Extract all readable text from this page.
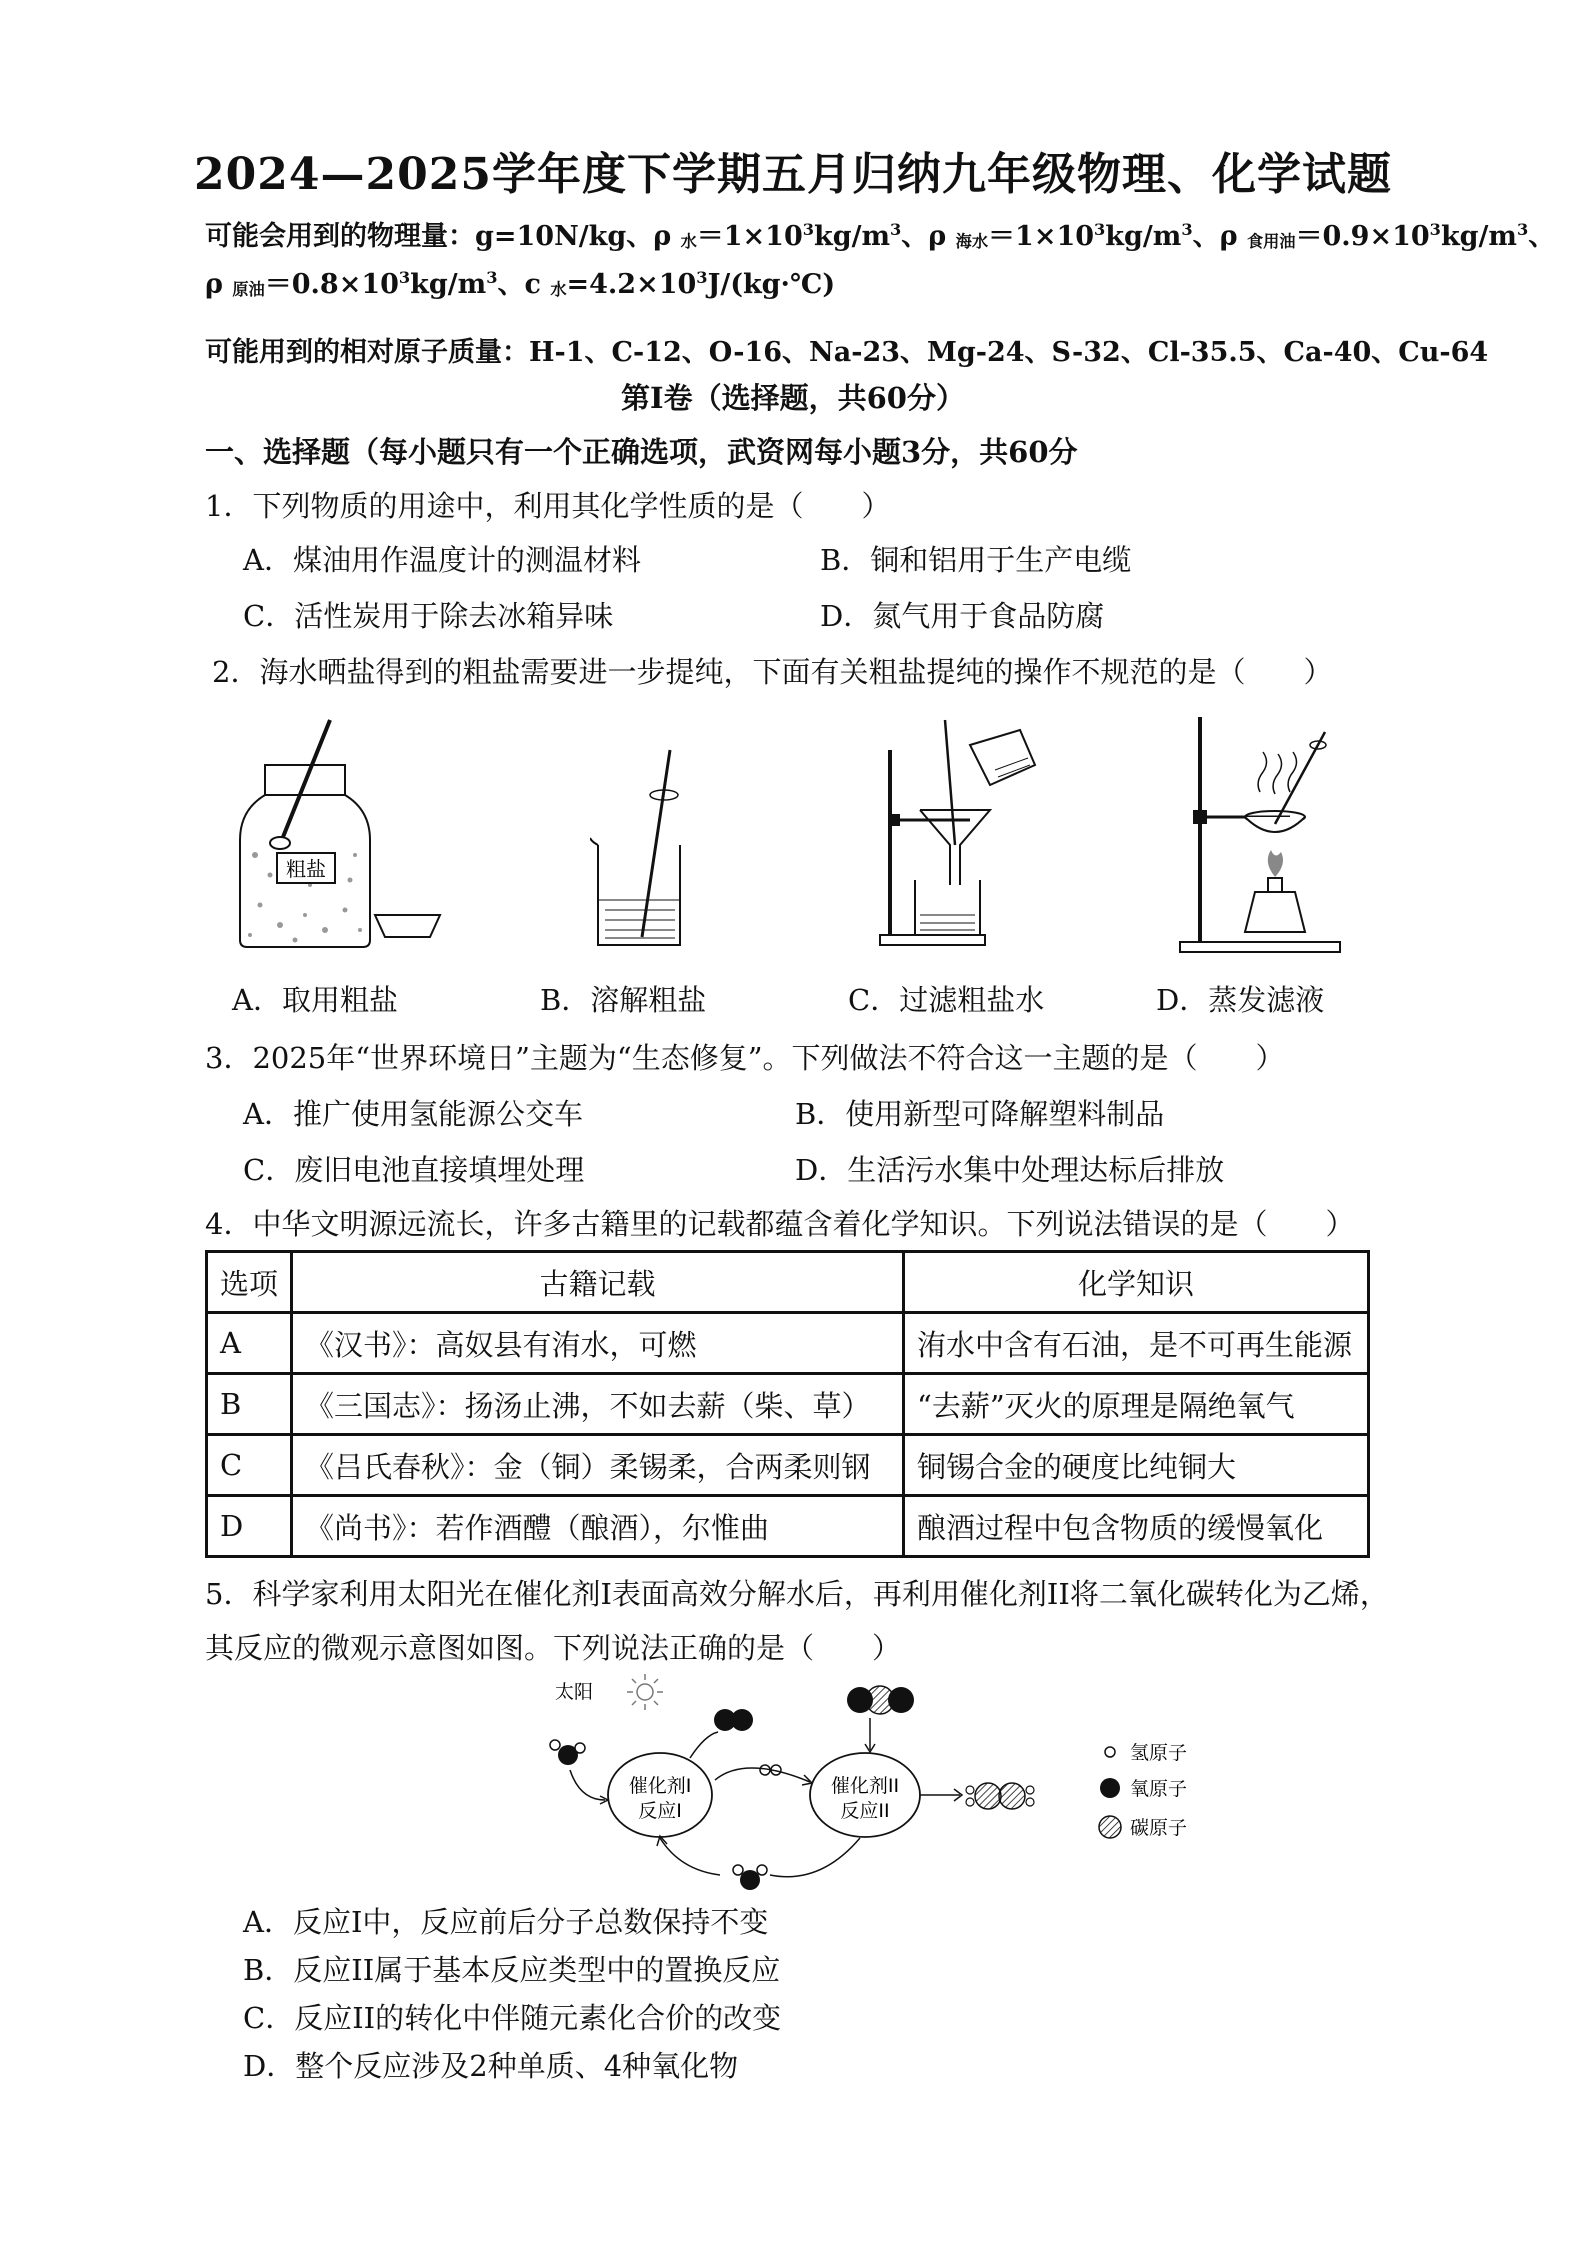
2024—2025学年度下学期五月归纳九年级物理、化学试题
可能会用到的物理量：g=10N/kg、ρ $_水=1\times 10^3kg/m^3$、ρ $_{海水}=1\times 10^3kg/m^3$、ρ $_{食用油}=0.9\times 10^3kg/m^3$、
ρ $_{原油}=0.8\times 10^3kg/m^3$、c $_水=4.2\times 10^3J/(kg\cdot℃)$
可能用到的相对原子质量：H-1、C-12、O-16、Na-23、Mg-24、S-32、Cl-35.5、Ca-40、Cu-64
第Ⅰ卷（选择题，共60分）
一、选择题（每小题只有一个正确选项，武资网每小题3分，共60分
1．下列物质的用途中，利用其化学性质的是（　　）
A．煤油用作温度计的测温材料	B．铜和铝用于生产电缆
C．活性炭用于除去冰箱异味	D．氮气用于食品防腐
2．海水晒盐得到的粗盐需要进一步提纯，下面有关粗盐提纯的操作不规范的是（　　）
粗盐
A．取用粗盐	B．溶解粗盐	C．过滤粗盐水	D．蒸发滤液
3．2025年“世界环境日”主题为“生态修复”。下列做法不符合这一主题的是（　　）
A．推广使用氢能源公交车	B．使用新型可降解塑料制品
C．废旧电池直接填埋处理	D．生活污水集中处理达标后排放
4．中华文明源远流长，许多古籍里的记载都蕴含着化学知识。下列说法错误的是（　　）
选项	古籍记载	化学知识
A	《汉书》：高奴县有洧水，可燃	洧水中含有石油，是不可再生能源
B	《三国志》：扬汤止沸，不如去薪（柴、草）	“去薪”灭火的原理是隔绝氧气
C	《吕氏春秋》：金（铜）柔锡柔，合两柔则钢	铜锡合金的硬度比纯铜大
D	《尚书》：若作酒醴（酿酒），尔惟曲	酿酒过程中包含物质的缓慢氧化
5．科学家利用太阳光在催化剂Ⅰ表面高效分解水后，再利用催化剂II将二氧化碳转化为乙烯，
其反应的微观示意图如图。下列说法正确的是（　　）
太阳
催化剂I
反应I
催化剂II
反应II
氢原子
氧原子
碳原子
A．反应Ⅰ中，反应前后分子总数保持不变
B．反应II属于基本反应类型中的置换反应
C．反应II的转化中伴随元素化合价的改变
D．整个反应涉及2种单质、4种氧化物
